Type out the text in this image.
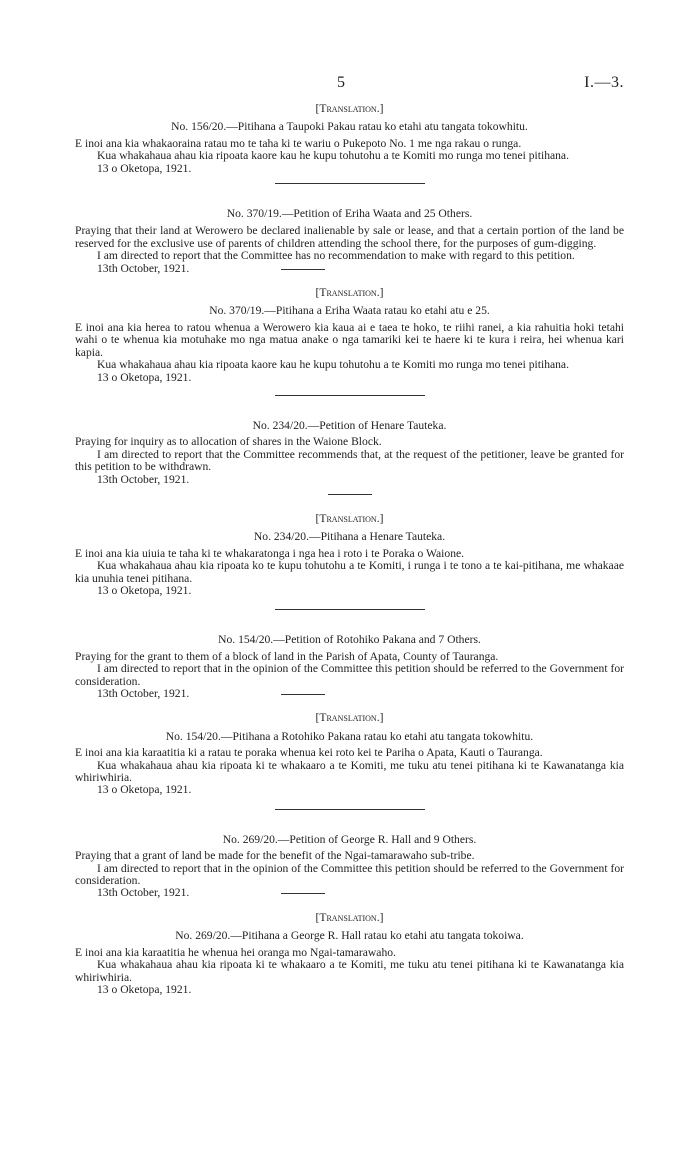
5	I.—3.
[Translation.]
No. 156/20.—Pitihana a Taupoki Pakau ratau ko etahi atu tangata tokowhitu.

E inoi ana kia whakaoraina ratau mo te taha ki te wariu o Pukepoto No. 1 me nga rakau o runga.

Kua whakahaua ahau kia ripoata kaore kau he kupu tohutohu a te Komiti mo runga mo tenei pitihana.

13 o Oketopa, 1921.
No. 370/19.—Petition of Eriha Waata and 25 Others.

Praying that their land at Werowero be declared inalienable by sale or lease, and that a certain portion of the land be reserved for the exclusive use of parents of children attending the school there, for the purposes of gum-digging.

I am directed to report that the Committee has no recommendation to make with regard to this petition.

13th October, 1921.
[Translation.]
No. 370/19.—Pitihana a Eriha Waata ratau ko etahi atu e 25.

E inoi ana kia herea to ratou whenua a Werowero kia kaua ai e taea te hoko, te riihi ranei, a kia rahuitia hoki tetahi wahi o te whenua kia motuhake mo nga matua anake o nga tamariki kei te haere ki te kura i reira, hei whenua kari kapia.

Kua whakahaua ahau kia ripoata kaore kau he kupu tohutohu a te Komiti mo runga mo tenei pitihana.

13 o Oketopa, 1921.
No. 234/20.—Petition of Henare Tauteka.

Praying for inquiry as to allocation of shares in the Waione Block.

I am directed to report that the Committee recommends that, at the request of the petitioner, leave be granted for this petition to be withdrawn.

13th October, 1921.
[Translation.]
No. 234/20.—Pitihana a Henare Tauteka.

E inoi ana kia uiuia te taha ki te whakaratonga i nga hea i roto i te Poraka o Waione.

Kua whakahaua ahau kia ripoata ko te kupu tohutohu a te Komiti, i runga i te tono a te kai-pitihana, me whakaae kia unuhia tenei pitihana.

13 o Oketopa, 1921.
No. 154/20.—Petition of Rotohiko Pakana and 7 Others.

Praying for the grant to them of a block of land in the Parish of Apata, County of Tauranga.

I am directed to report that in the opinion of the Committee this petition should be referred to the Government for consideration.

13th October, 1921.
[Translation.]
No. 154/20.—Pitihana a Rotohiko Pakana ratau ko etahi atu tangata tokowhitu.

E inoi ana kia karaatitia ki a ratau te poraka whenua kei roto kei te Pariha o Apata, Kauti o Tauranga.

Kua whakahaua ahau kia ripoata ki te whakaaro a te Komiti, me tuku atu tenei pitihana ki te Kawanatanga kia whiriwhiria.

13 o Oketopa, 1921.
No. 269/20.—Petition of George R. Hall and 9 Others.

Praying that a grant of land be made for the benefit of the Ngai-tamarawaho sub-tribe.

I am directed to report that in the opinion of the Committee this petition should be referred to the Government for consideration.

13th October, 1921.
[Translation.]
No. 269/20.—Pitihana a George R. Hall ratau ko etahi atu tangata tokoiwa.

E inoi ana kia karaatitia he whenua hei oranga mo Ngai-tamarawaho.

Kua whakahaua ahau kia ripoata ki te whakaaro a te Komiti, me tuku atu tenei pitihana ki te Kawanatanga kia whiriwhiria.

13 o Oketopa, 1921.
